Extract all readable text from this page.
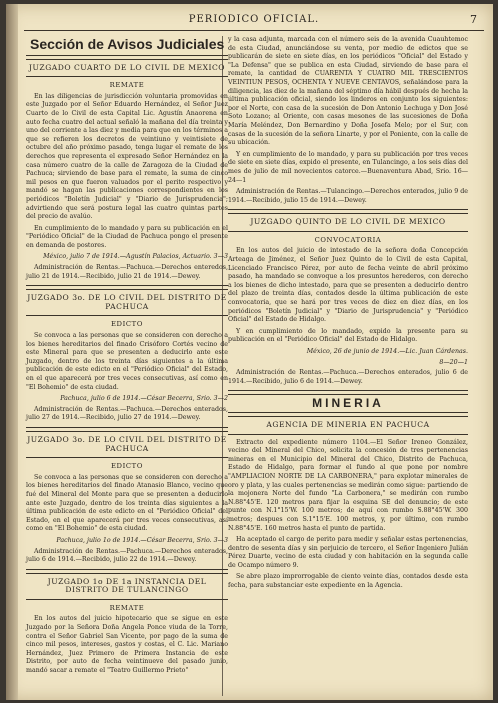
PERIODICO OFICIAL.	7
Sección de Avisos Judiciales
JUZGADO CUARTO DE LO CIVIL DE MEXICO
REMATE

En las diligencias de jurisdicción voluntaria promovidas en este Juzgado por el Señor Eduardo Hernández, el Señor Juez Cuarto de lo Civil de esta Capital Lic. Agustín Anaorena en auto fecha cuatro del actual señaló la mañana del día treinta y uno del corriente a las diez y media para que en los términos a que se refieren los decretos de veintiuno y veintisiete de octubre del año próximo pasado, tenga lugar el remate de los derechos que representa el expresado Señor Hernández en la casa número cuatro de la calle de Zaragoza de la Ciudad de Pachuca; sirviendo de base para el remate, la suma de cinco mil pesos en que fueron valuados por el perito respectivo y mandó se hagan las publicaciones correspondientes en los periódicos "Boletín Judicial" y "Diario de Jurisprudencia"; advirtiendo que será postura legal las cuatro quintas partes del precio de avalúo.

En cumplimiento de lo mandado y para su publicación en el "Periódico Oficial" de la Ciudad de Pachuca pongo el presente en demanda de postores.

México, julio 7 de 1914.—Agustín Palacios, Actuario. 3—3

Administración de Rentas.—Pachuca.—Derechos enteredos, julio 21 de 1914.—Recibido, julio 21 de 1914.—Dewey.

JUZGADO 3o. DE LO CIVIL DEL DISTRITO DE PACHUCA
EDICTO

Se convoca a las personas que se consideren con derecho a los bienes hereditarios del finado Crisóforo Cortés vecino de este Mineral para que se presenten a deducirlo ante este Juzgado, dentro de los treinta días siguientes a la última publicación de este edicto en el "Periódico Oficial" del Estado, en el que aparecerá por tres veces consecutivas, así como en "El Bohemio" de esta ciudad.

Pachuca, julio 6 de 1914.—César Becerra, Srio. 3—2

Administración de Rentas.—Pachuca.—Derechos enterados, julio 27 de 1914.—Recibido, julio 27 de 1914.—Dewey.

JUZGADO 3o. DE LO CIVIL DEL DISTRITO DE PACHUCA
EDICTO

Se convoca a las personas que se consideren con derecho a los bienes hereditarios del finado Atanasio Blanco, vecino que fué del Mineral del Monte para que se presenten a deducirlo ante este Juzgado, dentro de los treinta días siguientes a la última publicación de este edicto en el "Periódico Oficial" del Estado, en el que aparecerá por tres veces consecutivas, así como en "El Bohemio" de esta ciudad.

Pachuca, julio 1o de 1914.—César Becerra, Srio. 3—3

Administración de Rentas.—Pachuca.—Derechos enterados, julio 6 de 1914.—Recibido, julio 22 de 1914.—Dewey.

JUZGADO 1o DE 1a INSTANCIA DEL DISTRITO DE TULANCINGO
REMATE

En los autos del juicio hipotecario que se sigue en este Juzgado por la Señora Doña Angela Ponce viuda de la Torre, contra el Señor Gabriel San Vicente, por pago de la suma de cinco mil pesos, intereses, gastos y costas, el C. Lic. Mariano Hernández, Juez Primero de Primera Instancia de este Distrito, por auto de fecha veintinueve del pasado junio, mandó sacar a remate el "Teatro Guillermo Prieto"

y la casa adjunta, marcada con el número seis de la avenida Cuauhtemoc de esta Ciudad, anunciándose su venta, por medio de edictos que se publicarán de siete en siete días, en los periódicos "Oficial" del Estado y "La Defensa" que se publica en esta Ciudad, sirviendo de base para el remate, la cantidad de CUARENTA Y CUATRO MIL TRESCIENTOS VEINTIUN PESOS, OCHENTA Y NUEVE CENTAVOS, señalándose para la diligencia, las diez de la mañana del séptimo día hábil después de hecha la última publicación oficial, siendo los linderos en conjunto los siguientes: por el Norte, con casa de la sucesión de Don Antonio Lechuga y Don José Soto Lozano; al Oriente, con casas mesones de las sucesiones de Doña María Meléndez, Don Bernardino y Doña Josefa Melo; por el Sur, con casas de la sucesión de la señora Linarte, y por el Poniente, con la calle de su ubicación.

Y en cumplimiento de lo mandado, y para su publicación por tres veces de siete en siete días, expido el presente, en Tulancingo, a los seis días del mes de julio de mil novecientos catorce.—Buenaventura Abad, Srio. 16—24—1

Administración de Rentas.—Tulancingo.—Derechos enterados, julio 9 de 1914.—Recibido, julio 15 de 1914.—Dewey.

JUZGADO QUINTO DE LO CIVIL DE MEXICO
CONVOCATORIA

En los autos del juicio de intestado de la señora doña Concepción Arteaga de Jiménez, el Señor Juez Quinto de lo Civil de esta Capital, Licenciado Francisco Pérez, por auto de fecha veinte de abril próximo pasado, ha mandado se convoque a los presuntos herederos, con derecho a los bienes de dicho intestado, para que se presenten a deducirlo dentro del plazo de treinta días, contados desde la última publicación de este convocatoria, que se hará por tres veces de diez en diez días, en los periódicos "Boletín Judicial" y "Diario de Jurisprudencia" y "Periódico Oficial" del Estado de Hidalgo.

Y en cumplimiento de lo mandado, expido la presente para su publicación en el "Periódico Oficial" del Estado de Hidalgo.

México, 26 de junio de 1914.—Lic. Juan Cárdenas.

8—20—1

Administración de Rentas.—Pachuca.—Derechos enterados, julio 6 de 1914.—Recibido, julio 6 de 1914.—Dewey.

MINERIA
AGENCIA DE MINERIA EN PACHUCA

Extracto del expediente número 1104.—El Señor Ireneo González, vecino del Mineral del Chico, solicita la concesión de tres pertenencias mineras en el Municipio del Mineral del Chico, Distrito de Pachuca, Estado de Hidalgo, para formar el fundo al que pone por nombre "AMPLIACION NORTE DE LA CARBONERA," para explotar minerales de oro y plata, y las cuales pertenencias se medirán como sigue: partiendo de la mojonera Norte del fundo "La Carbonera," se medirán con rumbo N.88°45'E. 120 metros para fijar la esquina SE del denuncio; de este punte con N.1°15'W. 100 metros; de aquí con rumbo S.88°45'W. 300 metros; despues con S.1°15'E. 100 metros, y, por último, con rumbo N.88°45'E. 160 metros hasta el punto de partida.

Ha aceptado el cargo de perito para medir y señalar estas pertenencias, dentro de sesenta días y sin perjuicio de tercero, el Señor Ingeniero Julián Pérez Duarte, vecino de esta ciudad y con habitación en la segunda calle de Ocampo número 9.

Se abre plazo improrrogable de ciento veinte días, contados desde esta fecha, para substanciar este expediente en la Agencia.
